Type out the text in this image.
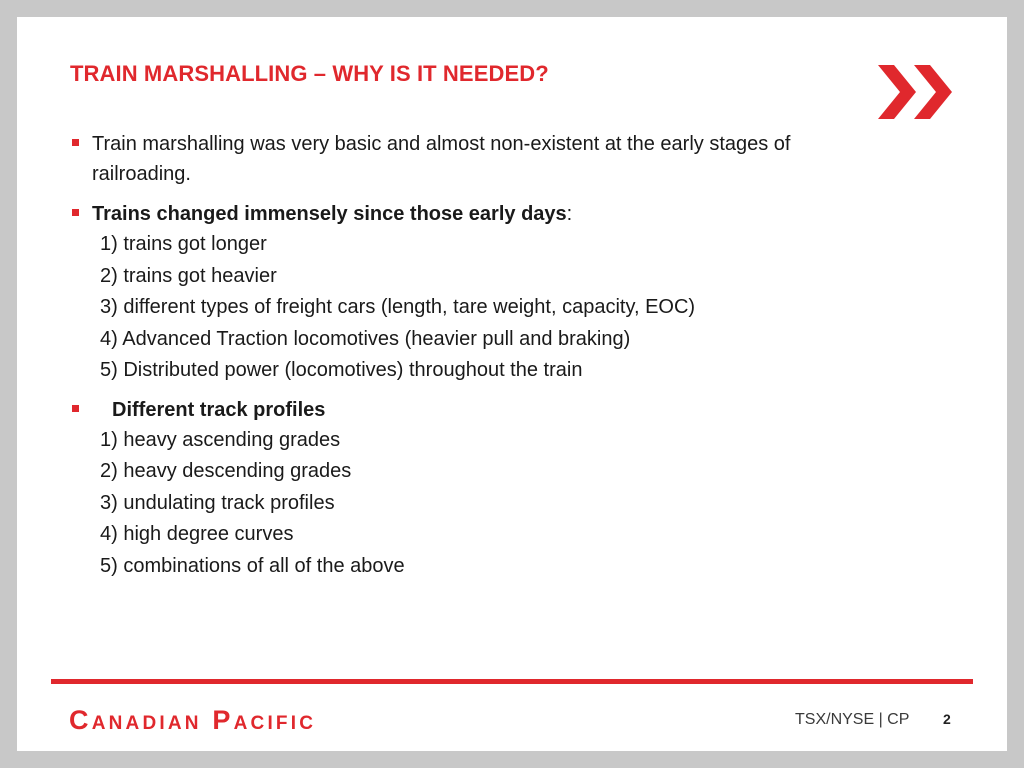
TRAIN MARSHALLING – WHY IS IT NEEDED?
Train marshalling was very basic and almost non-existent at the early stages of railroading.
Trains changed immensely since those early days:
1) trains got longer
2) trains got heavier
3) different types of freight cars (length, tare weight, capacity, EOC)
4) Advanced Traction locomotives (heavier pull and braking)
5) Distributed power (locomotives) throughout the train
Different track profiles
1) heavy ascending grades
2) heavy descending grades
3) undulating track profiles
4) high degree curves
5) combinations of all of the above
Canadian Pacific	TSX/NYSE | CP 2
